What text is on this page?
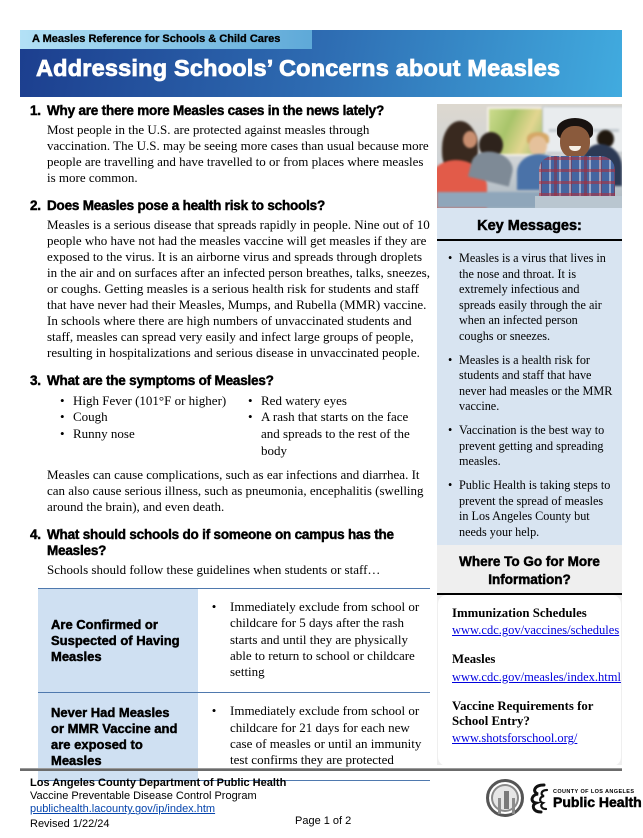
A Measles Reference for Schools & Child Cares
Addressing Schools’ Concerns about Measles
1. Why are there more Measles cases in the news lately?
Most people in the U.S. are protected against measles through vaccination. The U.S. may be seeing more cases than usual because more people are travelling and have travelled to or from places where measles is more common.
2. Does Measles pose a health risk to schools?
Measles is a serious disease that spreads rapidly in people. Nine out of 10 people who have not had the measles vaccine will get measles if they are exposed to the virus. It is an airborne virus and spreads through droplets in the air and on surfaces after an infected person breathes, talks, sneezes, or coughs. Getting measles is a serious health risk for students and staff that have never had their Measles, Mumps, and Rubella (MMR) vaccine. In schools where there are high numbers of unvaccinated students and staff, measles can spread very easily and infect large groups of people, resulting in hospitalizations and serious disease in unvaccinated people.
3. What are the symptoms of Measles?
• High Fever (101°F or higher)
• Cough
• Runny nose
• Red watery eyes
• A rash that starts on the face and spreads to the rest of the body
Measles can cause complications, such as ear infections and diarrhea. It can also cause serious illness, such as pneumonia, encephalitis (swelling around the brain), and even death.
4. What should schools do if someone on campus has the Measles?
Schools should follow these guidelines when students or staff…
Are Confirmed or Suspected of Having Measles
•	Immediately exclude from school or childcare for 5 days after the rash starts and until they are physically able to return to school or childcare setting
Never Had Measles or MMR Vaccine and are exposed to Measles
•	Immediately exclude from school or childcare for 21 days for each new case of measles or until an immunity test confirms they are protected
Key Messages:
• Measles is a virus that lives in the nose and throat. It is extremely infectious and spreads easily through the air when an infected person coughs or sneezes.
• Measles is a health risk for students and staff that have never had measles or the MMR vaccine.
• Vaccination is the best way to prevent getting and spreading measles.
• Public Health is taking steps to prevent the spread of measles in Los Angeles County but needs your help.
Where To Go for More Information?
Immunization Schedules
www.cdc.gov/vaccines/schedules
Measles
www.cdc.gov/measles/index.html
Vaccine Requirements for School Entry?
www.shotsforschool.org/
Los Angeles County Department of Public Health
Vaccine Preventable Disease Control Program
publichealth.lacounty.gov/ip/index.htm
Revised 1/22/24	Page 1 of 2
COUNTY OF LOS ANGELES
Public Health
